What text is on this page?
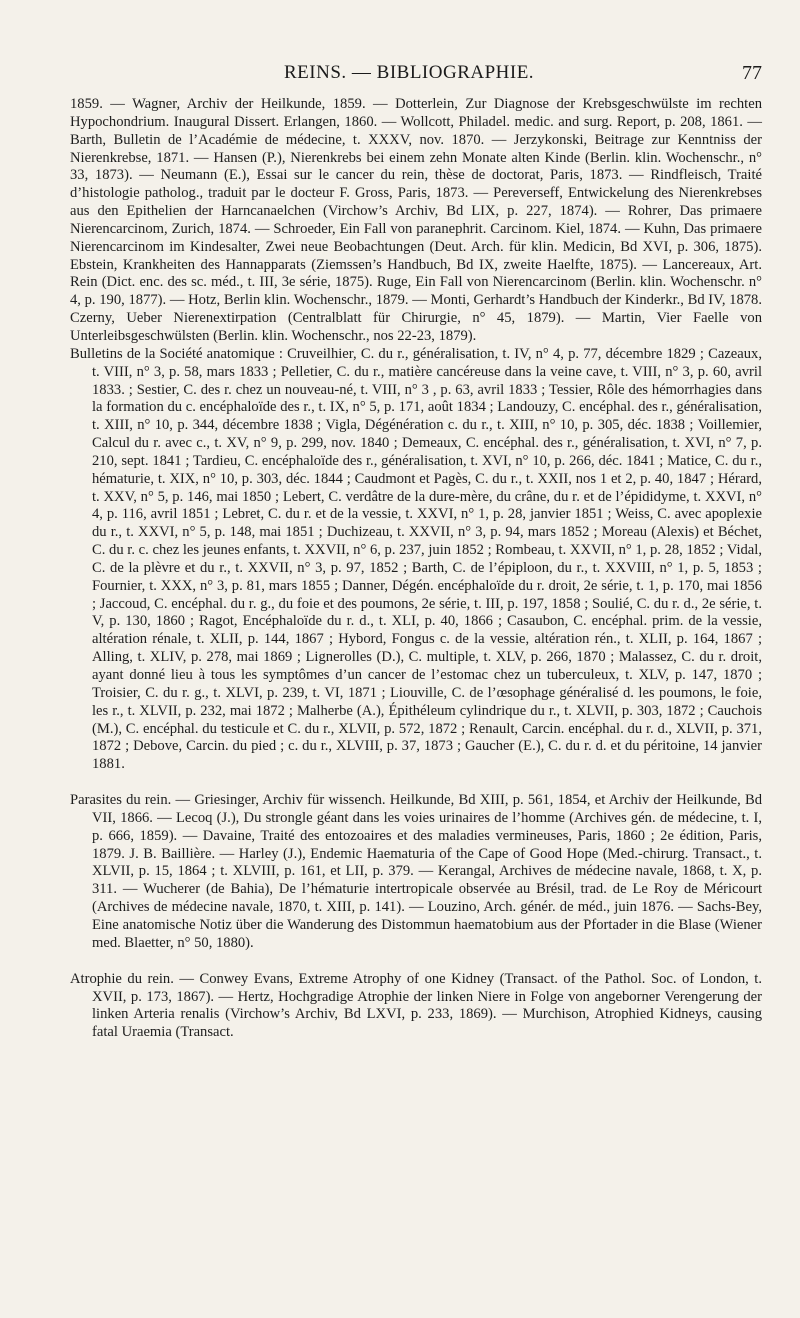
REINS. — BIBLIOGRAPHIE.	77

1859. — Wagner, Archiv der Heilkunde, 1859. — Dotterlein, Zur Diagnose der Krebsgeschwülste im rechten Hypochondrium. Inaugural Dissert. Erlangen, 1860. — Wollcott, Philadel. medic. and surg. Report, p. 208, 1861. — Barth, Bulletin de l’Académie de médecine, t. XXXV, nov. 1870. — Jerzykonski, Beitrage zur Kenntniss der Nierenkrebse, 1871. — Hansen (P.), Nierenkrebs bei einem zehn Monate alten Kinde (Berlin. klin. Wochenschr., n° 33, 1873). — Neumann (E.), Essai sur le cancer du rein, thèse de doctorat, Paris, 1873. — Rindfleisch, Traité d’histologie patholog., traduit par le docteur F. Gross, Paris, 1873. — Pereverseff, Entwickelung des Nierenkrebses aus den Epithelien der Harncanaelchen (Virchow’s Archiv, Bd LIX, p. 227, 1874). — Rohrer, Das primaere Nierencarcinom, Zurich, 1874. — Schroeder, Ein Fall von paranephrit. Carcinom. Kiel, 1874. — Kuhn, Das primaere Nierencarcinom im Kindesalter, Zwei neue Beobachtungen (Deut. Arch. für klin. Medicin, Bd XVI, p. 306, 1875). Ebstein, Krankheiten des Hannapparats (Ziemssen’s Handbuch, Bd IX, zweite Haelfte, 1875). — Lancereaux, Art. Rein (Dict. enc. des sc. méd., t. III, 3e série, 1875). Ruge, Ein Fall von Nierencarcinom (Berlin. klin. Wochenschr. n° 4, p. 190, 1877). — Hotz, Berlin klin. Wochenschr., 1879. — Monti, Gerhardt’s Handbuch der Kinderkr., Bd IV, 1878. Czerny, Ueber Nierenextirpation (Centralblatt für Chirurgie, n° 45, 1879). — Martin, Vier Faelle von Unterleibsgeschwülsten (Berlin. klin. Wochenschr., nos 22-23, 1879).

Bulletins de la Société anatomique : Cruveilhier, C. du r., généralisation, t. IV, n° 4, p. 77, décembre 1829 ; Cazeaux, t. VIII, n° 3, p. 58, mars 1833 ; Pelletier, C. du r., matière cancéreuse dans la veine cave, t. VIII, n° 3, p. 60, avril 1833. ; Sestier, C. des r. chez un nouveau-né, t. VIII, n° 3 , p. 63, avril 1833 ; Tessier, Rôle des hémorrhagies dans la formation du c. encéphaloïde des r., t. IX, n° 5, p. 171, août 1834 ; Landouzy, C. encéphal. des r., généralisation, t. XIII, n° 10, p. 344, décembre 1838 ; Vigla, Dégénération c. du r., t. XIII, n° 10, p. 305, déc. 1838 ; Voillemier, Calcul du r. avec c., t. XV, n° 9, p. 299, nov. 1840 ; Demeaux, C. encéphal. des r., généralisation, t. XVI, n° 7, p. 210, sept. 1841 ; Tardieu, C. encéphaloïde des r., généralisation, t. XVI, n° 10, p. 266, déc. 1841 ; Matice, C. du r., hématurie, t. XIX, n° 10, p. 303, déc. 1844 ; Caudmont et Pagès, C. du r., t. XXII, nos 1 et 2, p. 40, 1847 ; Hérard, t. XXV, n° 5, p. 146, mai 1850 ; Lebert, C. verdâtre de la dure-mère, du crâne, du r. et de l’épididyme, t. XXVI, n° 4, p. 116, avril 1851 ; Lebret, C. du r. et de la vessie, t. XXVI, n° 1, p. 28, janvier 1851 ; Weiss, C. avec apoplexie du r., t. XXVI, n° 5, p. 148, mai 1851 ; Duchizeau, t. XXVII, n° 3, p. 94, mars 1852 ; Moreau (Alexis) et Béchet, C. du r. c. chez les jeunes enfants, t. XXVII, n° 6, p. 237, juin 1852 ; Rombeau, t. XXVII, n° 1, p. 28, 1852 ; Vidal, C. de la plèvre et du r., t. XXVII, n° 3, p. 97, 1852 ; Barth, C. de l’épiploon, du r., t. XXVIII, n° 1, p. 5, 1853 ; Fournier, t. XXX, n° 3, p. 81, mars 1855 ; Danner, Dégén. encéphaloïde du r. droit, 2e série, t. 1, p. 170, mai 1856 ; Jaccoud, C. encéphal. du r. g., du foie et des poumons, 2e série, t. III, p. 197, 1858 ; Soulié, C. du r. d., 2e série, t. V, p. 130, 1860 ; Ragot, Encéphaloïde du r. d., t. XLI, p. 40, 1866 ; Casaubon, C. encéphal. prim. de la vessie, altération rénale, t. XLII, p. 144, 1867 ; Hybord, Fongus c. de la vessie, altération rén., t. XLII, p. 164, 1867 ; Alling, t. XLIV, p. 278, mai 1869 ; Lignerolles (D.), C. multiple, t. XLV, p. 266, 1870 ; Malassez, C. du r. droit, ayant donné lieu à tous les symptômes d’un cancer de l’estomac chez un tuberculeux, t. XLV, p. 147, 1870 ; Troisier, C. du r. g., t. XLVI, p. 239, t. VI, 1871 ; Liouville, C. de l’œsophage généralisé d. les poumons, le foie, les r., t. XLVII, p. 232, mai 1872 ; Malherbe (A.), Épithéleum cylindrique du r., t. XLVII, p. 303, 1872 ; Cauchois (M.), C. encéphal. du testicule et C. du r., XLVII, p. 572, 1872 ; Renault, Carcin. encéphal. du r. d., XLVII, p. 371, 1872 ; Debove, Carcin. du pied ; c. du r., XLVIII, p. 37, 1873 ; Gaucher (E.), C. du r. d. et du péritoine, 14 janvier 1881.

Parasites du rein. — Griesinger, Archiv für wissench. Heilkunde, Bd XIII, p. 561, 1854, et Archiv der Heilkunde, Bd VII, 1866. — Lecoq (J.), Du strongle géant dans les voies urinaires de l’homme (Archives gén. de médecine, t. I, p. 666, 1859). — Davaine, Traité des entozoaires et des maladies vermineuses, Paris, 1860 ; 2e édition, Paris, 1879. J. B. Baillière. — Harley (J.), Endemic Haematuria of the Cape of Good Hope (Med.-chirurg. Transact., t. XLVII, p. 15, 1864 ; t. XLVIII, p. 161, et LII, p. 379. — Kerangal, Archives de médecine navale, 1868, t. X, p. 311. — Wucherer (de Bahia), De l’hématurie intertropicale observée au Brésil, trad. de Le Roy de Méricourt (Archives de médecine navale, 1870, t. XIII, p. 141). — Louzino, Arch. génér. de méd., juin 1876. — Sachs-Bey, Eine anatomische Notiz über die Wanderung des Distommun haematobium aus der Pfortader in die Blase (Wiener med. Blaetter, n° 50, 1880).

Atrophie du rein. — Conwey Evans, Extreme Atrophy of one Kidney (Transact. of the Pathol. Soc. of London, t. XVII, p. 173, 1867). — Hertz, Hochgradige Atrophie der linken Niere in Folge von angeborner Verengerung der linken Arteria renalis (Virchow’s Archiv, Bd LXVI, p. 233, 1869). — Murchison, Atrophied Kidneys, causing fatal Uraemia (Transact.
